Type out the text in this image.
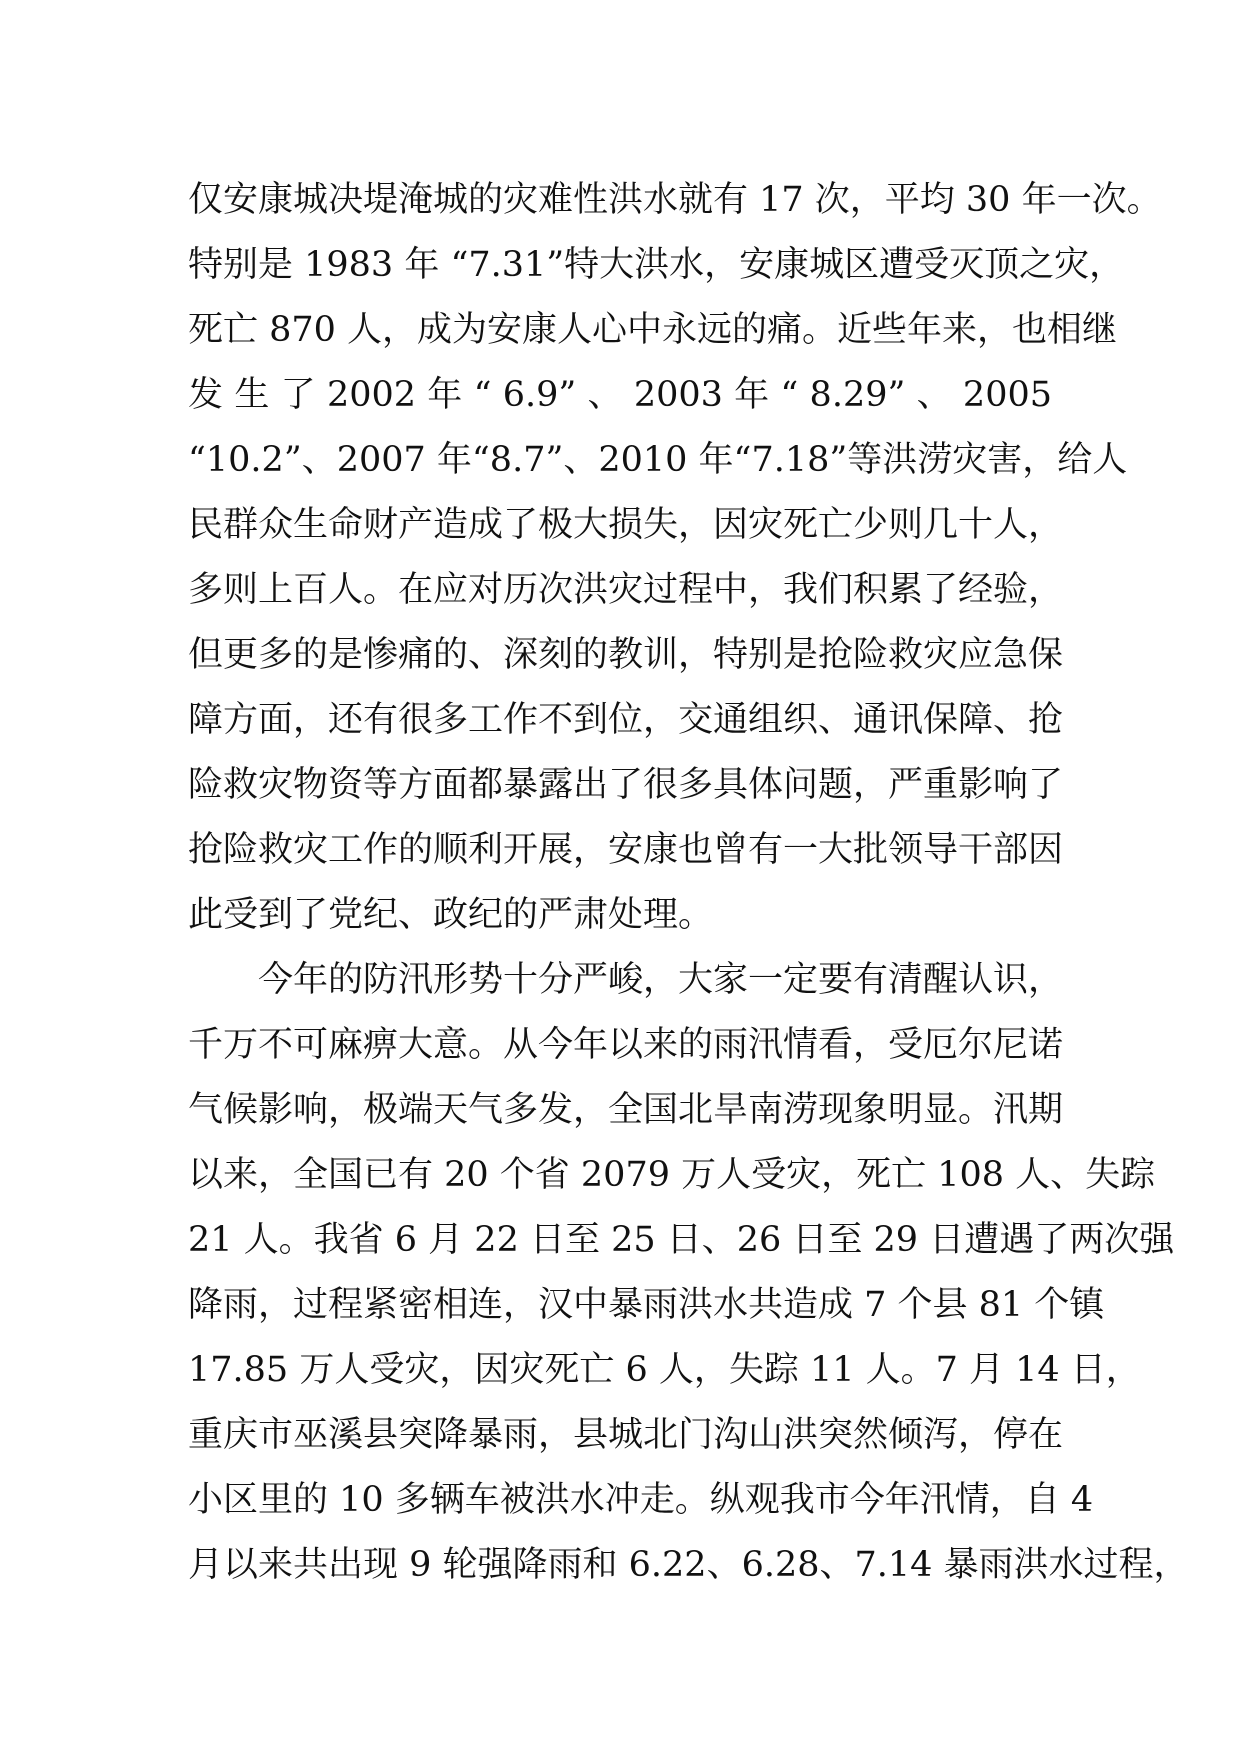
仅安康城决堤淹城的灾难性洪水就有 17 次，平均 30 年一次。
特别是 1983 年 “7.31”特大洪水，安康城区遭受灭顶之灾，
死亡 870 人，成为安康人心中永远的痛。近些年来，也相继
发 生 了 2002 年 “ 6.9” 、 2003 年 “ 8.29” 、 2005
“10.2”、2007 年“8.7”、2010 年“7.18”等洪涝灾害，给人
民群众生命财产造成了极大损失，因灾死亡少则几十人，
多则上百人。在应对历次洪灾过程中，我们积累了经验，
但更多的是惨痛的、深刻的教训，特别是抢险救灾应急保
障方面，还有很多工作不到位，交通组织、通讯保障、抢
险救灾物资等方面都暴露出了很多具体问题，严重影响了
抢险救灾工作的顺利开展，安康也曾有一大批领导干部因
此受到了党纪、政纪的严肃处理。
今年的防汛形势十分严峻，大家一定要有清醒认识，
千万不可麻痹大意。从今年以来的雨汛情看，受厄尔尼诺
气候影响，极端天气多发，全国北旱南涝现象明显。汛期
以来，全国已有 20 个省 2079 万人受灾，死亡 108 人、失踪
21 人。我省 6 月 22 日至 25 日、26 日至 29 日遭遇了两次强
降雨，过程紧密相连，汉中暴雨洪水共造成 7 个县 81 个镇
17.85 万人受灾，因灾死亡 6 人，失踪 11 人。7 月 14 日，
重庆市巫溪县突降暴雨，县城北门沟山洪突然倾泻，停在
小区里的 10 多辆车被洪水冲走。纵观我市今年汛情，自 4
月以来共出现 9 轮强降雨和 6.22、6.28、7.14 暴雨洪水过程，
